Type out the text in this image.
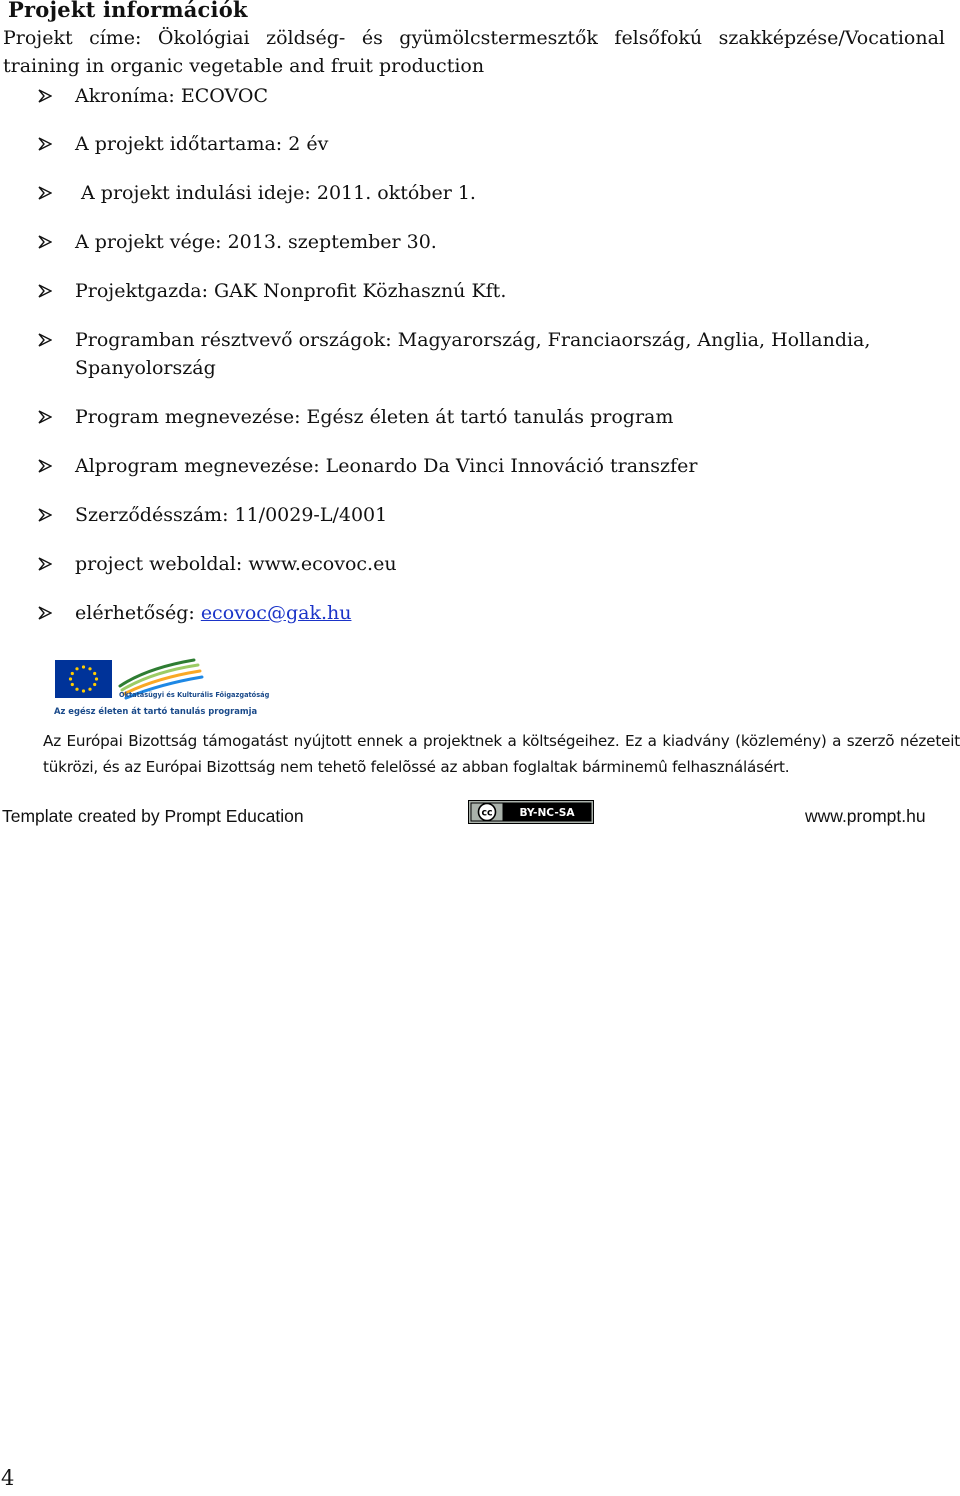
Projekt információk
Projekt címe: Ökológiai zöldség- és gyümölcstermesztők felsőfokú szakképzése/Vocational
training in organic vegetable and fruit production
Akroníma: ECOVOC
A projekt időtartama: 2 év
A projekt indulási ideje: 2011. október 1.
A projekt vége: 2013. szeptember 30.
Projektgazda: GAK Nonprofit Közhasznú Kft.
Programban résztvevő országok: Magyarország, Franciaország, Anglia, Hollandia, Spanyolország
Program megnevezése: Egész életen át tartó tanulás program
Alprogram megnevezése: Leonardo Da Vinci Innováció transzfer
Szerződésszám: 11/0029-L/4001
project weboldal: www.ecovoc.eu
elérhetőség: ecovoc@gak.hu
Oktatásügyi és Kulturális Főigazgatóság
Az egész életen át tartó tanulás programja
Az Európai Bizottság támogatást nyújtott ennek a projektnek a költségeihez. Ez a kiadvány (közlemény) a szerzõ nézeteit
tükrözi, és az Európai Bizottság nem tehetõ felelõssé az abban foglaltak bárminemû felhasználásért.
Template created by Prompt Education	cc	BY-NC-SA	www.prompt.hu
4
